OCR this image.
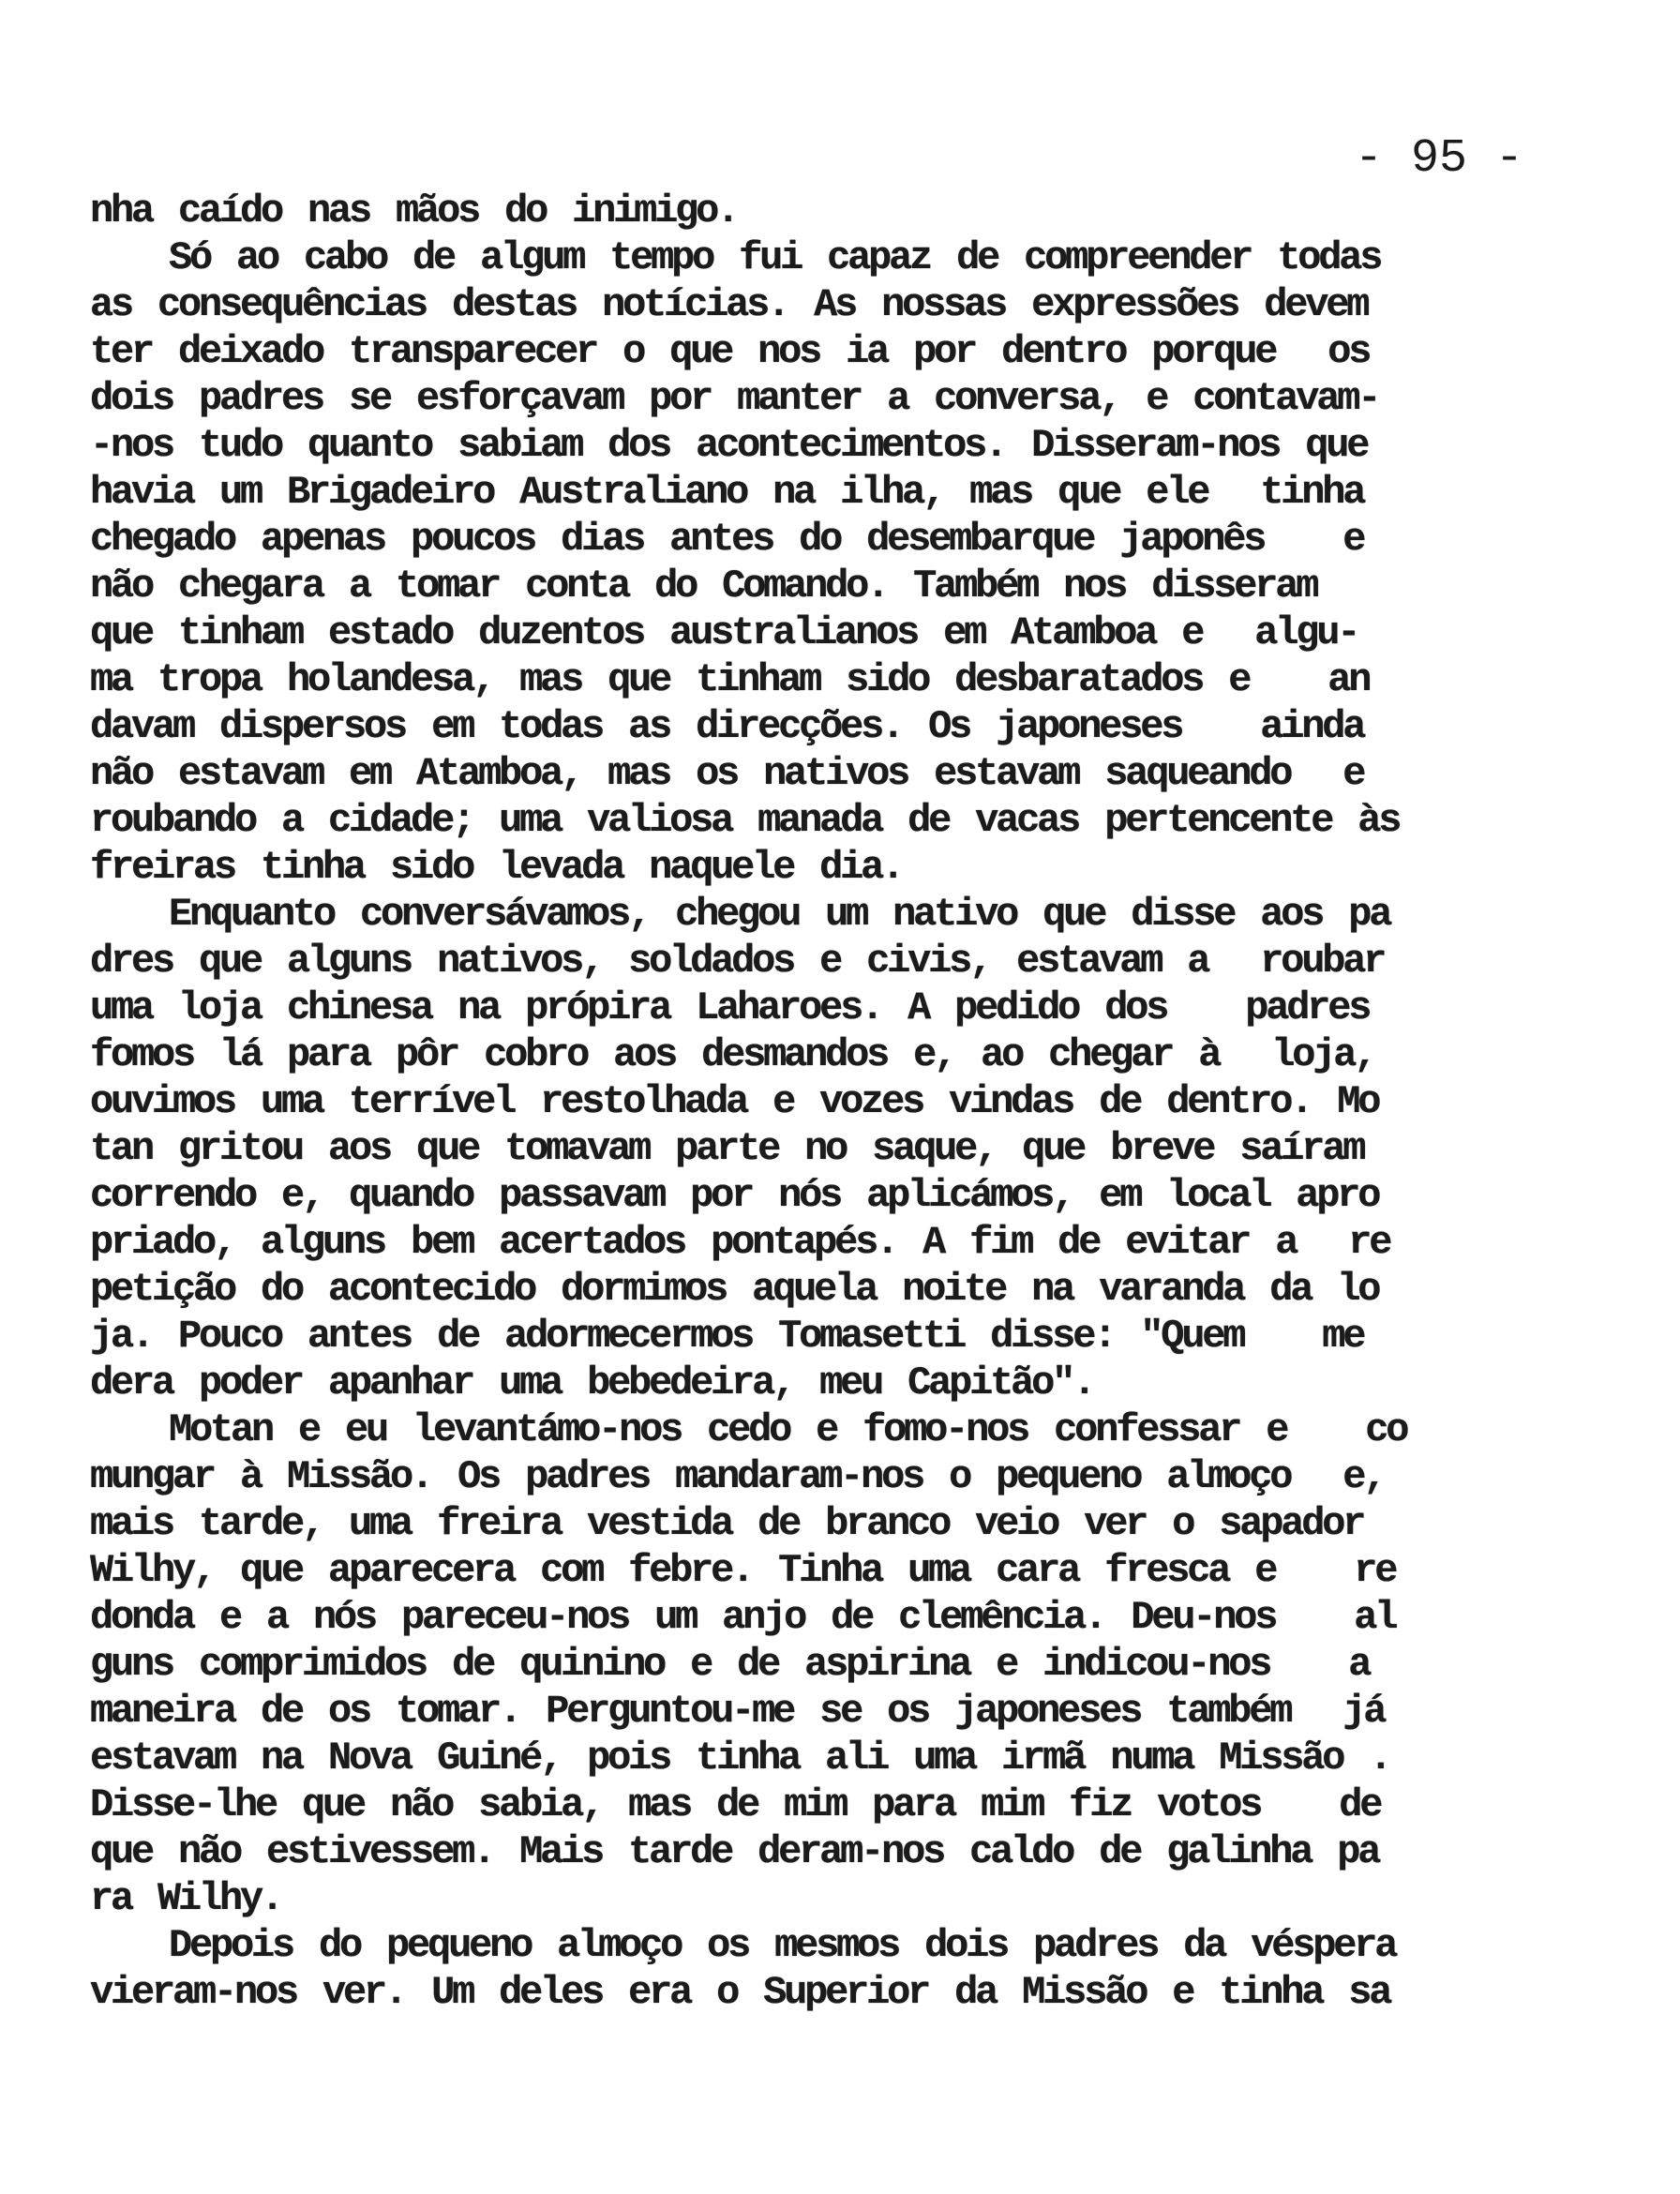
- 95 -
nha caído nas mãos do inimigo.
Só ao cabo de algum tempo fui capaz de compreender todas
as consequências destas notícias. As nossas expressões devem
ter deixado transparecer o que nos ia por dentro porque  os
dois padres se esforçavam por manter a conversa, e contavam-
-nos tudo quanto sabiam dos acontecimentos. Disseram-nos que
havia um Brigadeiro Australiano na ilha, mas que ele  tinha
chegado apenas poucos dias antes do desembarque japonês   e
não chegara a tomar conta do Comando. Também nos disseram
que tinham estado duzentos australianos em Atamboa e  algu-
ma tropa holandesa, mas que tinham sido desbaratados e   an
davam dispersos em todas as direcções. Os japoneses   ainda
não estavam em Atamboa, mas os nativos estavam saqueando  e
roubando a cidade; uma valiosa manada de vacas pertencente às
freiras tinha sido levada naquele dia.
Enquanto conversávamos, chegou um nativo que disse aos pa
dres que alguns nativos, soldados e civis, estavam a  roubar
uma loja chinesa na própira Laharoes. A pedido dos   padres
fomos lá para pôr cobro aos desmandos e, ao chegar à  loja,
ouvimos uma terrível restolhada e vozes vindas de dentro. Mo
tan gritou aos que tomavam parte no saque, que breve saíram
correndo e, quando passavam por nós aplicámos, em local apro
priado, alguns bem acertados pontapés. A fim de evitar a  re
petição do acontecido dormimos aquela noite na varanda da lo
ja. Pouco antes de adormecermos Tomasetti disse: "Quem   me
dera poder apanhar uma bebedeira, meu Capitão".
Motan e eu levantámo-nos cedo e fomo-nos confessar e   co
mungar à Missão. Os padres mandaram-nos o pequeno almoço  e,
mais tarde, uma freira vestida de branco veio ver o sapador
Wilhy, que aparecera com febre. Tinha uma cara fresca e   re
donda e a nós pareceu-nos um anjo de clemência. Deu-nos   al
guns comprimidos de quinino e de aspirina e indicou-nos   a
maneira de os tomar. Perguntou-me se os japoneses também  já
estavam na Nova Guiné, pois tinha ali uma irmã numa Missão .
Disse-lhe que não sabia, mas de mim para mim fiz votos   de
que não estivessem. Mais tarde deram-nos caldo de galinha pa
ra Wilhy.
Depois do pequeno almoço os mesmos dois padres da véspera
vieram-nos ver. Um deles era o Superior da Missão e tinha sa
